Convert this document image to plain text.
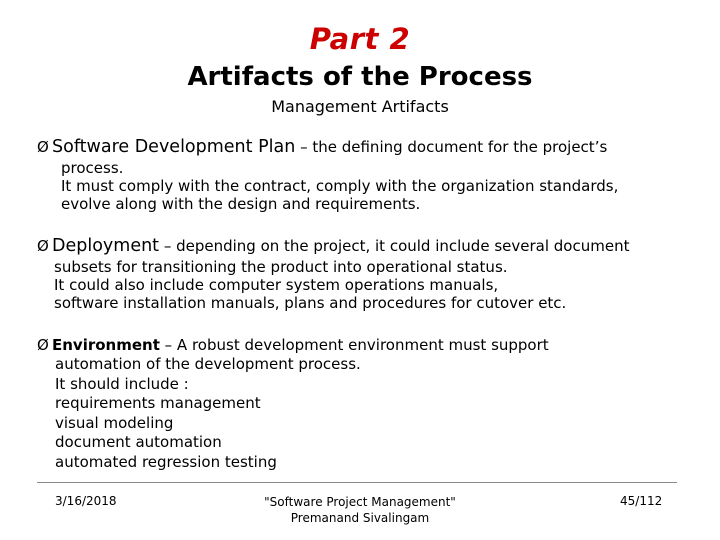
Part 2
Artifacts of the Process
Management Artifacts
Ø Software Development Plan – the defining document for the project’s
process.
It must comply with the contract, comply with the organization standards,
evolve along with the design and requirements.
Ø Deployment – depending on the project, it could include several document
subsets for transitioning the product into operational status.
It could also include computer system operations manuals,
software installation manuals, plans and procedures for cutover etc.
Ø Environment – A robust development environment must support
automation of the development process.
It should include :
requirements management
visual modeling
document automation
automated regression testing
3/16/2018	"Software Project Management"
Premanand Sivalingam
45/112
